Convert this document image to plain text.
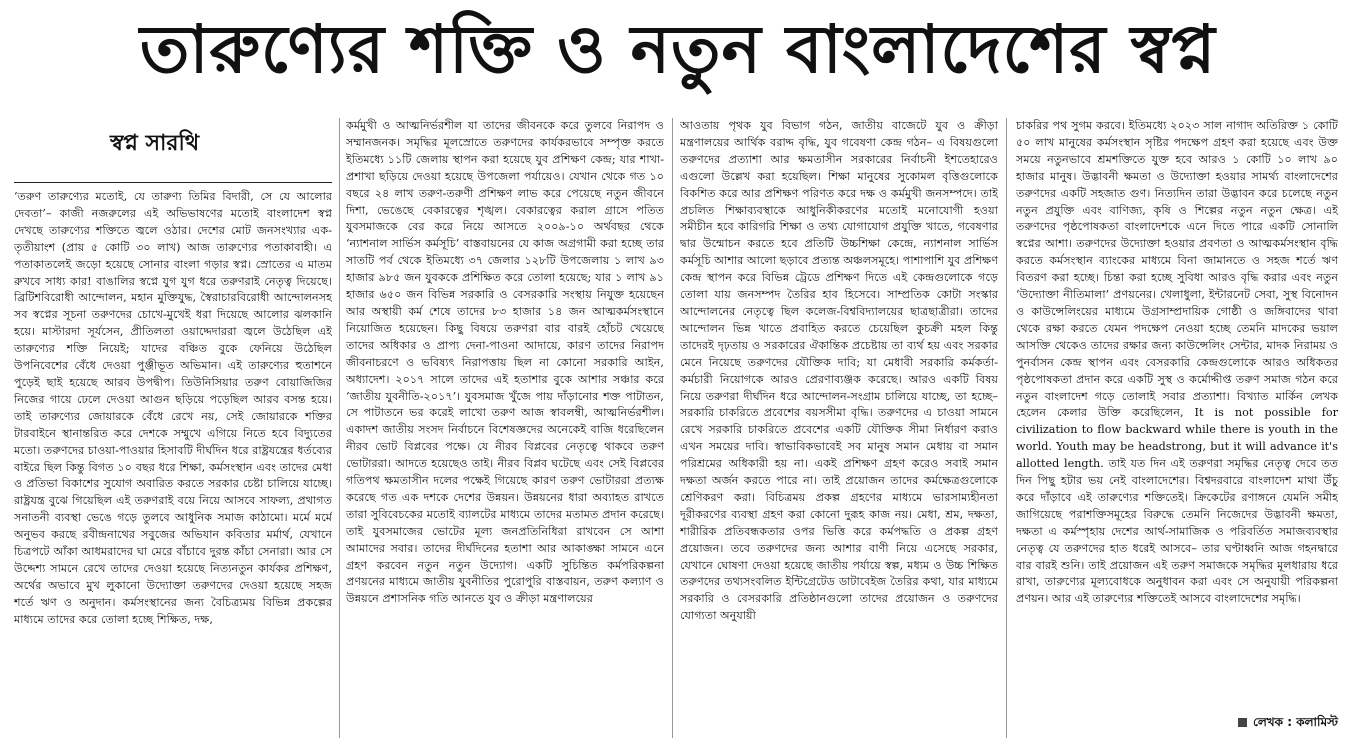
তারুণ্যের শক্তি ও নতুন বাংলাদেশের স্বপ্ন
স্বপ্ন সারথি

‘তরুণ তারুণ্যের মতোই, যে তারুণ্য তিমির বিদারী, সে যে আলোর দেবতা’– কাজী নজরুলের এই অভিভাষণের মতোই বাংলাদেশ স্বপ্ন দেখছে তারুণ্যের শক্তিতে জ্বলে ওঠার। দেশের মোট জনসংখ্যার এক-তৃতীয়াংশ (প্রায় ৫ কোটি ৩০ লাখ) আজ তারুণ্যের পতাকাবাহী। এ পতাকাতলেই জড়ো হয়েছে সোনার বাংলা গড়ার স্বপ্ন। স্রোতের এ মাতম রুখবে সাধ্য কার! বাঙালির স্বপ্নে যুগ যুগ ধরে তরুণরাই নেতৃত্ব দিয়েছে। ব্রিটিশবিরোধী আন্দোলন, মহান মুক্তিযুদ্ধ, স্বৈরাচারবিরোধী আন্দোলনসহ সব স্বপ্নের সূচনা তরুণদের চোখে-মুখেই ধরা দিয়েছে আলোর ঝলকানি হয়ে। মাস্টারদা সূর্যসেন, প্রীতিলতা ওয়াদ্দেদাররা জ্বলে উঠেছিল এই তারুণ্যের শক্তি নিয়েই; যাদের বঞ্চিত বুকে ফেনিয়ে উঠেছিল উপনিবেশের বেঁধে দেওয়া পুঞ্জীভূত অভিমান। এই তারুণ্যের হুতাশনে পুড়েই ছাই হয়েছে আরব উপদ্বীপ। তিউনিসিয়ার তরুণ বোয়াজিজির নিজের গায়ে ঢেলে দেওয়া আগুন ছড়িয়ে পড়েছিল আরব বসন্ত হয়ে। তাই তারুণ্যের জোয়ারকে বেঁধে রেখে নয়, সেই জোয়ারকে শক্তির টারবাইনে স্থানান্তরিত করে দেশকে সম্মুখে এগিয়ে নিতে হবে বিদ্যুতের মতো। তরুণদের চাওয়া-পাওয়ার হিসাবটি দীর্ঘদিন ধরে রাষ্ট্রযন্ত্রের ধর্তব্যের বাইরে ছিল কিন্তু বিগত ১০ বছর ধরে শিক্ষা, কর্মসংস্থান এবং তাদের মেধা ও প্রতিভা বিকাশের সুযোগ অবারিত করতে সরকার চেষ্টা চালিয়ে যাচ্ছে। রাষ্ট্রযন্ত্র বুঝে গিয়েছিল এই তরুণরাই বয়ে নিয়ে আসবে সাফল্য, প্রথাগত সনাতনী ব্যবস্থা ভেঙে গড়ে তুলবে আধুনিক সমাজ কাঠামো। মর্মে মর্মে অনুভব করছে রবীন্দ্রনাথের সবুজের অভিযান কবিতার মর্মার্থ, যেখানে চিত্রপটে আঁকা আধমরাদের ঘা মেরে বাঁচাবে দুরন্ত কাঁচা সেনারা। আর সে উদ্দেশ্য সামনে রেখে তাদের দেওয়া হয়েছে নিত্যনতুন কার্যকর প্রশিক্ষণ, অর্থের অভাবে মুখ লুকানো উদ্যোক্তা তরুণদের দেওয়া হয়েছে সহজ শর্তে ঋণ ও অনুদান। কর্মসংস্থানের জন্য বৈচিত্র্যময় বিভিন্ন প্রকল্পের মাধ্যমে তাদের করে তোলা হচ্ছে শিক্ষিত, দক্ষ,

কর্মমুখী ও আত্মনির্ভরশীল যা তাদের জীবনকে করে তুলবে নিরাপদ ও সম্মানজনক। সমৃদ্ধির মূলস্রোতে তরুণদের কার্যকরভাবে সম্পৃক্ত করতে ইতিমধ্যে ১১টি জেলায় স্থাপন করা হয়েছে যুব প্রশিক্ষণ কেন্দ্র; যার শাখা-প্রশাখা ছড়িয়ে দেওয়া হয়েছে উপজেলা পর্যায়েও। যেখান থেকে গত ১০ বছরে ২৪ লাখ তরুণ-তরুণী প্রশিক্ষণ লাভ করে পেয়েছে নতুন জীবনে দিশা, ভেঙেছে বেকারত্বের শৃঙ্খল। বেকারত্বের করাল গ্রাসে পতিত যুবসমাজকে বের করে নিয়ে আসতে ২০০৯-১০ অর্থবছর থেকে ‘ন্যাশনাল সার্ভিস কর্মসূচি’ বাস্তবায়নের যে কাজ অগ্রগামী করা হচ্ছে তার সাতটি পর্ব থেকে ইতিমধ্যে ৩৭ জেলার ১২৮টি উপজেলায় ১ লাখ ৯৩ হাজার ৯৮৫ জন যুবককে প্রশিক্ষিত করে তোলা হয়েছে; যার ১ লাখ ৯১ হাজার ৬৫০ জন বিভিন্ন সরকারি ও বেসরকারি সংস্থায় নিযুক্ত হয়েছেন আর অস্থায়ী কর্ম শেষে তাদের ৮৩ হাজার ১৪ জন আত্মকর্মসংস্থানে নিয়োজিত হয়েছেন। কিছু বিষয়ে তরুণরা বার বারই হোঁচট খেয়েছে তাদের অধিকার ও প্রাপ্য দেনা-পাওনা আদায়ে, কারণ তাদের নিরাপদ জীবনাচরণে ও ভবিষ্যৎ নিরাপত্তায় ছিল না কোনো সরকারি আইন, অধ্যাদেশ। ২০১৭ সালে তাদের এই হতাশার বুকে আশার সঞ্চার করে ‘জাতীয় যুবনীতি-২০১৭’। যুবসমাজ খুঁজে পায় দাঁড়ানোর শক্ত পাটাতন, সে পাটাতনে ভর করেই লাখো তরুণ আজ স্বাবলম্বী, আত্মনির্ভরশীল। একাদশ জাতীয় সংসদ নির্বাচনে বিশেষজ্ঞদের অনেকেই বাজি ধরেছিলেন নীরব ভোট বিপ্লবের পক্ষে। যে নীরব বিপ্লবের নেতৃত্বে থাকবে তরুণ ভোটাররা। আদতে হয়েছেও তাই। নীরব বিপ্লব ঘটেছে এবং সেই বিপ্লবের গতিপথ ক্ষমতাসীন দলের পক্ষেই গিয়েছে কারণ তরুণ ভোটাররা প্রত্যক্ষ করেছে গত এক দশকে দেশের উন্নয়ন। উন্নয়নের ধারা অব্যাহত রাখতে তারা সুবিবেচকের মতোই ব্যালটের মাধ্যমে তাদের মতামত প্রদান করেছে। তাই যুবসমাজের ভোটের মূল্য জনপ্রতিনিধিরা রাখবেন সে আশা আমাদের সবার। তাদের দীর্ঘদিনের হতাশা আর আকাঙ্ক্ষা সামনে এনে গ্রহণ করবেন নতুন নতুন উদ্যোগ। একটি সুচিন্তিত কর্মপরিকল্পনা প্রণয়নের মাধ্যমে জাতীয় যুবনীতির পুরোপুরি বাস্তবায়ন, তরুণ কল্যাণ ও উন্নয়নে প্রশাসনিক গতি আনতে যুব ও ক্রীড়া মন্ত্রণালয়ের

আওতায় পৃথক যুব বিভাগ গঠন, জাতীয় বাজেটে যুব ও ক্রীড়া মন্ত্রণালয়ের আর্থিক বরাদ্দ বৃদ্ধি, যুব গবেষণা কেন্দ্র গঠন– এ বিষয়গুলো তরুণদের প্রত্যাশা আর ক্ষমতাসীন সরকারের নির্বাচনী ইশতেহারেও এগুলো উল্লেখ করা হয়েছিল। শিক্ষা মানুষের সুকোমল বৃত্তিগুলোকে বিকশিত করে আর প্রশিক্ষণ পরিণত করে দক্ষ ও কর্মমুখী জনসম্পদে। তাই প্রচলিত শিক্ষাব্যবস্থাকে আধুনিকীকরণের মতোই মনোযোগী হওয়া সমীচীন হবে কারিগরি শিক্ষা ও তথ্য যোগাযোগ প্রযুক্তি খাতে, গবেষণার দ্বার উন্মোচন করতে হবে প্রতিটি উচ্চশিক্ষা কেন্দ্রে, ন্যাশনাল সার্ভিস কর্মসূচি আশার আলো ছড়াবে প্রত্যন্ত অঞ্চলসমূহে। পাশাপাশি যুব প্রশিক্ষণ কেন্দ্র স্থাপন করে বিভিন্ন ট্রেডে প্রশিক্ষণ দিতে এই কেন্দ্রগুলোকে গড়ে তোলা যায় জনসম্পদ তৈরির হাব হিসেবে। সাম্প্রতিক কোটা সংস্কার আন্দোলনের নেতৃত্বে ছিল কলেজ-বিশ্ববিদ্যালয়ের ছাত্রছাত্রীরা। তাদের আন্দোলন ভিন্ন খাতে প্রবাহিত করতে চেয়েছিল কুচক্রী মহল কিন্তু তাদেরই দৃঢ়তায় ও সরকারের ঐকান্তিক প্রচেষ্টায় তা ব্যর্থ হয় এবং সরকার মেনে নিয়েছে তরুণদের যৌক্তিক দাবি; যা মেধাবী সরকারি কর্মকর্তা-কর্মচারী নিয়োগকে আরও প্রেরণাব্যঞ্জক করেছে। আরও একটি বিষয় নিয়ে তরুণরা দীর্ঘদিন ধরে আন্দোলন-সংগ্রাম চালিয়ে যাচ্ছে, তা হচ্ছে– সরকারি চাকরিতে প্রবেশের বয়সসীমা বৃদ্ধি। তরুণদের এ চাওয়া সামনে রেখে সরকারি চাকরিতে প্রবেশের একটি যৌক্তিক সীমা নির্ধারণ করাও এখন সময়ের দাবি। স্বাভাবিকভাবেই সব মানুষ সমান মেধায় বা সমান পরিশ্রমের অধিকারী হয় না। একই প্রশিক্ষণ গ্রহণ করেও সবাই সমান দক্ষতা অর্জন করতে পারে না। তাই প্রয়োজন তাদের কর্মক্ষেত্রগুলোকে শ্রেণিকরণ করা। বিচিত্রময় প্রকল্প গ্রহণের মাধ্যমে ভারসাম্যহীনতা দূরীকরণের ব্যবস্থা গ্রহণ করা কোনো দুরূহ কাজ নয়। মেধা, শ্রম, দক্ষতা, শারীরিক প্রতিবন্ধকতার ওপর ভিত্তি করে কর্মপদ্ধতি ও প্রকল্প গ্রহণ প্রয়োজন। তবে তরুণদের জন্য আশার বাণী নিয়ে এসেছে সরকার, যেখানে ঘোষণা দেওয়া হয়েছে জাতীয় পর্যায়ে স্বল্প, মধ্যম ও উচ্চ শিক্ষিত তরুণদের তথ্যসংবলিত ইন্টিগ্রেটেড ডাটাবেইজ তৈরির কথা, যার মাধ্যমে সরকারি ও বেসরকারি প্রতিষ্ঠানগুলো তাদের প্রয়োজন ও তরুণদের যোগ্যতা অনুযায়ী

চাকরির পথ সুগম করবে। ইতিমধ্যে ২০২৩ সাল নাগাদ অতিরিক্ত ১ কোটি ৫০ লাখ মানুষের কর্মসংস্থান সৃষ্টির পদক্ষেপ গ্রহণ করা হয়েছে এবং উক্ত সময়ে নতুনভাবে শ্রমশক্তিতে যুক্ত হবে আরও ১ কোটি ১০ লাখ ৯০ হাজার মানুষ। উদ্ভাবনী ক্ষমতা ও উদ্যোক্তা হওয়ার সামর্থ্য বাংলাদেশের তরুণদের একটি সহজাত গুণ। নিত্যদিন তারা উদ্ভাবন করে চলেছে নতুন নতুন প্রযুক্তি এবং বাণিজ্য, কৃষি ও শিল্পের নতুন নতুন ক্ষেত্র। এই তরুণদের পৃষ্ঠপোষকতা বাংলাদেশকে এনে দিতে পারে একটি সোনালি স্বপ্নের আশা। তরুণদের উদ্যোক্তা হওয়ার প্রবণতা ও আত্মকর্মসংস্থান বৃদ্ধি করতে কর্মসংস্থান ব্যাংকের মাধ্যমে বিনা জামানতে ও সহজ শর্তে ঋণ বিতরণ করা হচ্ছে। চিন্তা করা হচ্ছে সুবিধা আরও বৃদ্ধি করার এবং নতুন ‘উদ্যোক্তা নীতিমালা’ প্রণয়নের। খেলাধুলা, ইন্টারনেট সেবা, সুস্থ বিনোদন ও কাউন্সেলিংয়ের মাধ্যমে উগ্রসাম্প্রদায়িক গোষ্ঠী ও জঙ্গিবাদের থাবা থেকে রক্ষা করতে যেমন পদক্ষেপ নেওয়া হচ্ছে তেমনি মাদকের ভয়াল আসক্তি থেকেও তাদের রক্ষার জন্য কাউন্সেলিং সেন্টার, মাদক নিরাময় ও পুনর্বাসন কেন্দ্র স্থাপন এবং বেসরকারি কেন্দ্রগুলোকে আরও অধিকতর পৃষ্ঠপোষকতা প্রদান করে একটি সুস্থ ও কর্মোদ্দীপ্ত তরুণ সমাজ গঠন করে নতুন বাংলাদেশ গড়ে তোলাই সবার প্রত্যাশা। বিখ্যাত মার্কিন লেখক হেলেন কেলার উক্তি করেছিলেন, It is not possible for civilization to flow backward while there is youth in the world. Youth may be headstrong, but it will advance it's allotted length. তাই যত দিন এই তরুণরা সমৃদ্ধির নেতৃত্ব দেবে তত দিন পিছু হটার ভয় নেই বাংলাদেশের। বিশ্বদরবারে বাংলাদেশ মাথা উঁচু করে দাঁড়াবে এই তারুণ্যের শক্তিতেই। ক্রিকেটের রণাঙ্গনে যেমনি সমীহ জাগিয়েছে পরাশক্তিসমূহের বিরুদ্ধে তেমনি নিজেদের উদ্ভাবনী ক্ষমতা, দক্ষতা এ কর্মস্পৃহায় দেশের আর্থ-সামাজিক ও পরিবর্তিত সমাজব্যবস্থার নেতৃত্ব যে তরুণদের হাত ধরেই আসবে– তার ঘণ্টাধ্বনি আজ গহনদ্বারে বার বারই শুনি। তাই প্রয়োজন এই তরুণ সমাজকে সমৃদ্ধির মূলধারায় ধরে রাখা, তারুণ্যের মূল্যবোধকে অনুধাবন করা এবং সে অনুযায়ী পরিকল্পনা প্রণয়ন। আর এই তারুণ্যের শক্তিতেই আসবে বাংলাদেশের সমৃদ্ধি।

লেখক : কলামিস্ট
